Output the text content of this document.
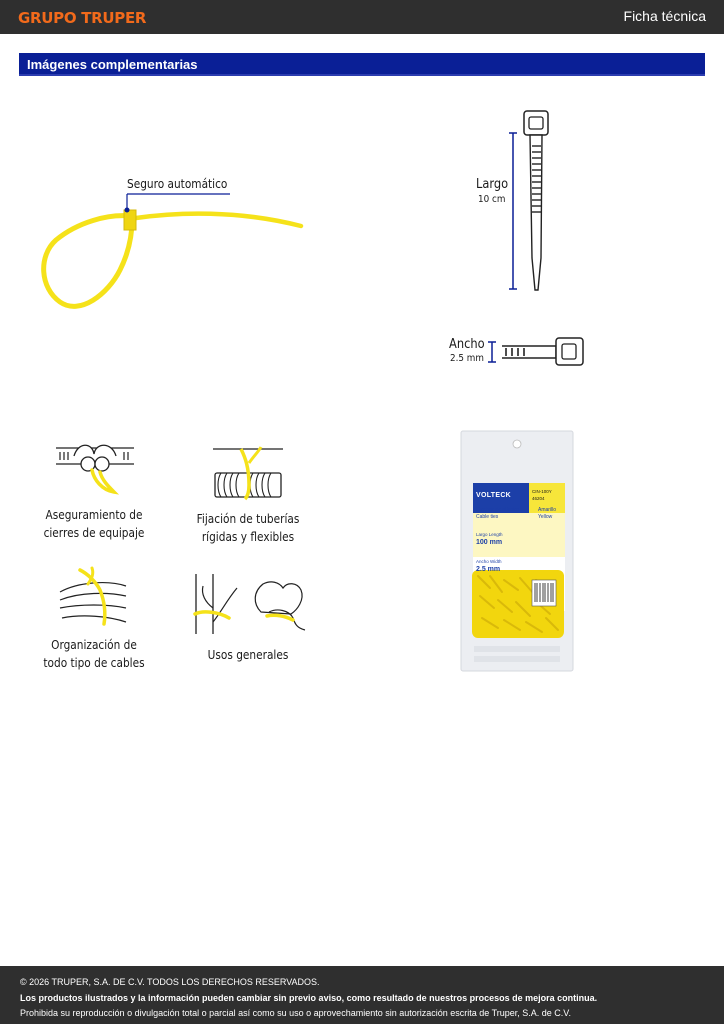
GRUPO TRUPER	Ficha técnica
Imágenes complementarias
Seguro automático	Largo
10 cm
Ancho
2.5 mm
Aseguramiento de
cierres de equipaje
Fijación de tuberías
rígidas y flexibles
Organización de
todo tipo de cables
Usos generales
VOLTECK
Cinchos de plástico
Cable ties
CIN-100Y
46204
Amarillo
Yellow
Largo Length
100 mm
Ancho Width
2.5 mm
© 2026 TRUPER, S.A. DE C.V. TODOS LOS DERECHOS RESERVADOS.
Los productos ilustrados y la información pueden cambiar sin previo aviso, como resultado de nuestros procesos de mejora continua.
Prohibida su reproducción o divulgación total o parcial así como su uso o aprovechamiento sin autorización escrita de Truper, S.A. de C.V.
